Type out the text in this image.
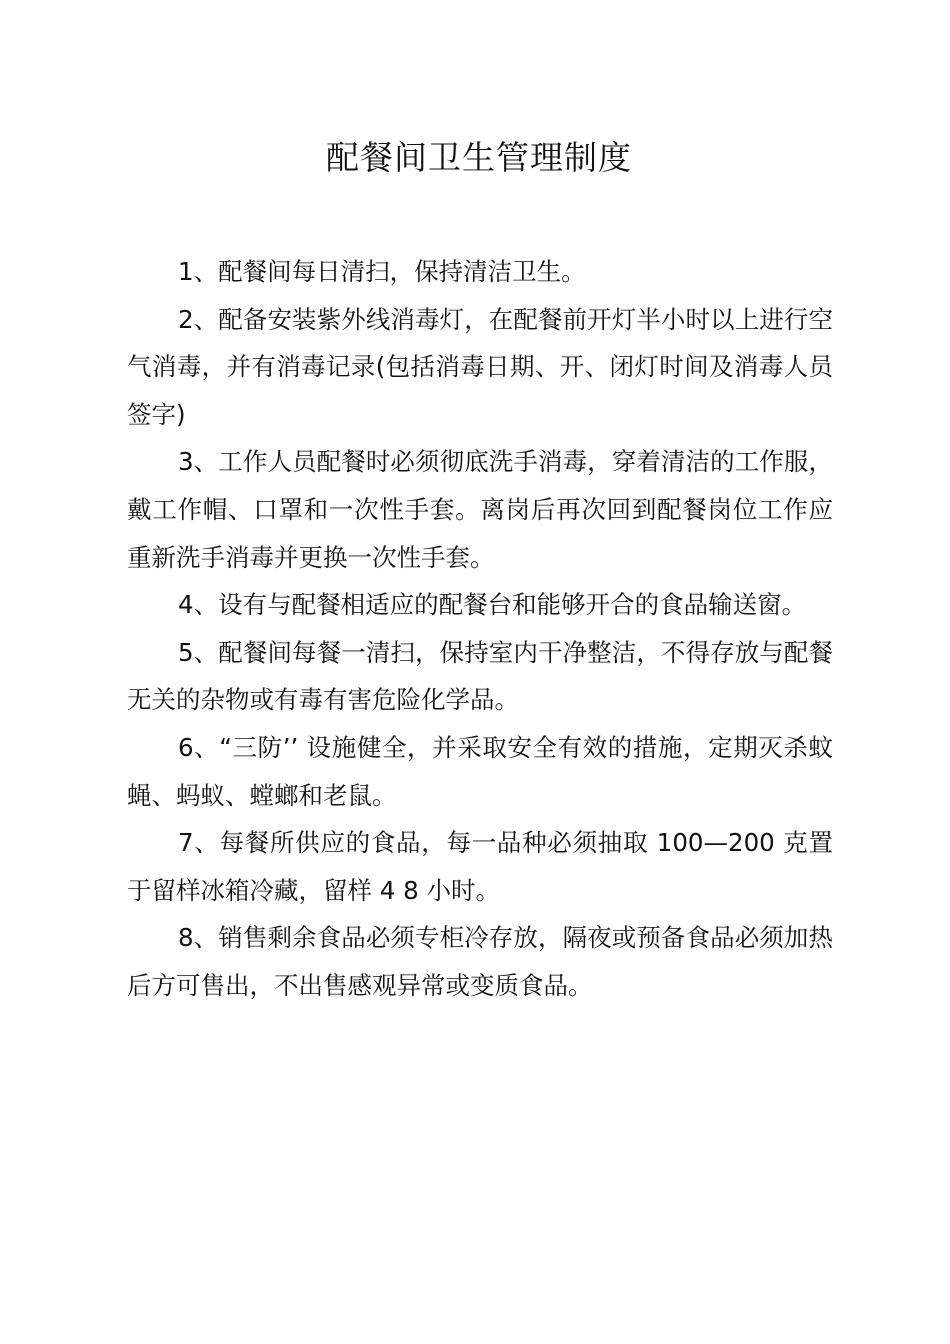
配餐间卫生管理制度

1、配餐间每日清扫，保持清洁卫生。

2、配备安装紫外线消毒灯，在配餐前开灯半小时以上进行空气消毒，并有消毒记录(包括消毒日期、开、闭灯时间及消毒人员签字)

3、工作人员配餐时必须彻底洗手消毒，穿着清洁的工作服，戴工作帽、口罩和一次性手套。离岗后再次回到配餐岗位工作应重新洗手消毒并更换一次性手套。

4、设有与配餐相适应的配餐台和能够开合的食品输送窗。

5、配餐间每餐一清扫，保持室内干净整洁，不得存放与配餐无关的杂物或有毒有害危险化学品。

6、“三防’’ 设施健全，并采取安全有效的措施，定期灭杀蚊蝇、蚂蚁、螳螂和老鼠。

7、每餐所供应的食品，每一品种必须抽取 100—200 克置于留样冰箱冷藏，留样 4 8 小时。

8、销售剩余食品必须专柜冷存放，隔夜或预备食品必须加热后方可售出，不出售感观异常或变质食品。
